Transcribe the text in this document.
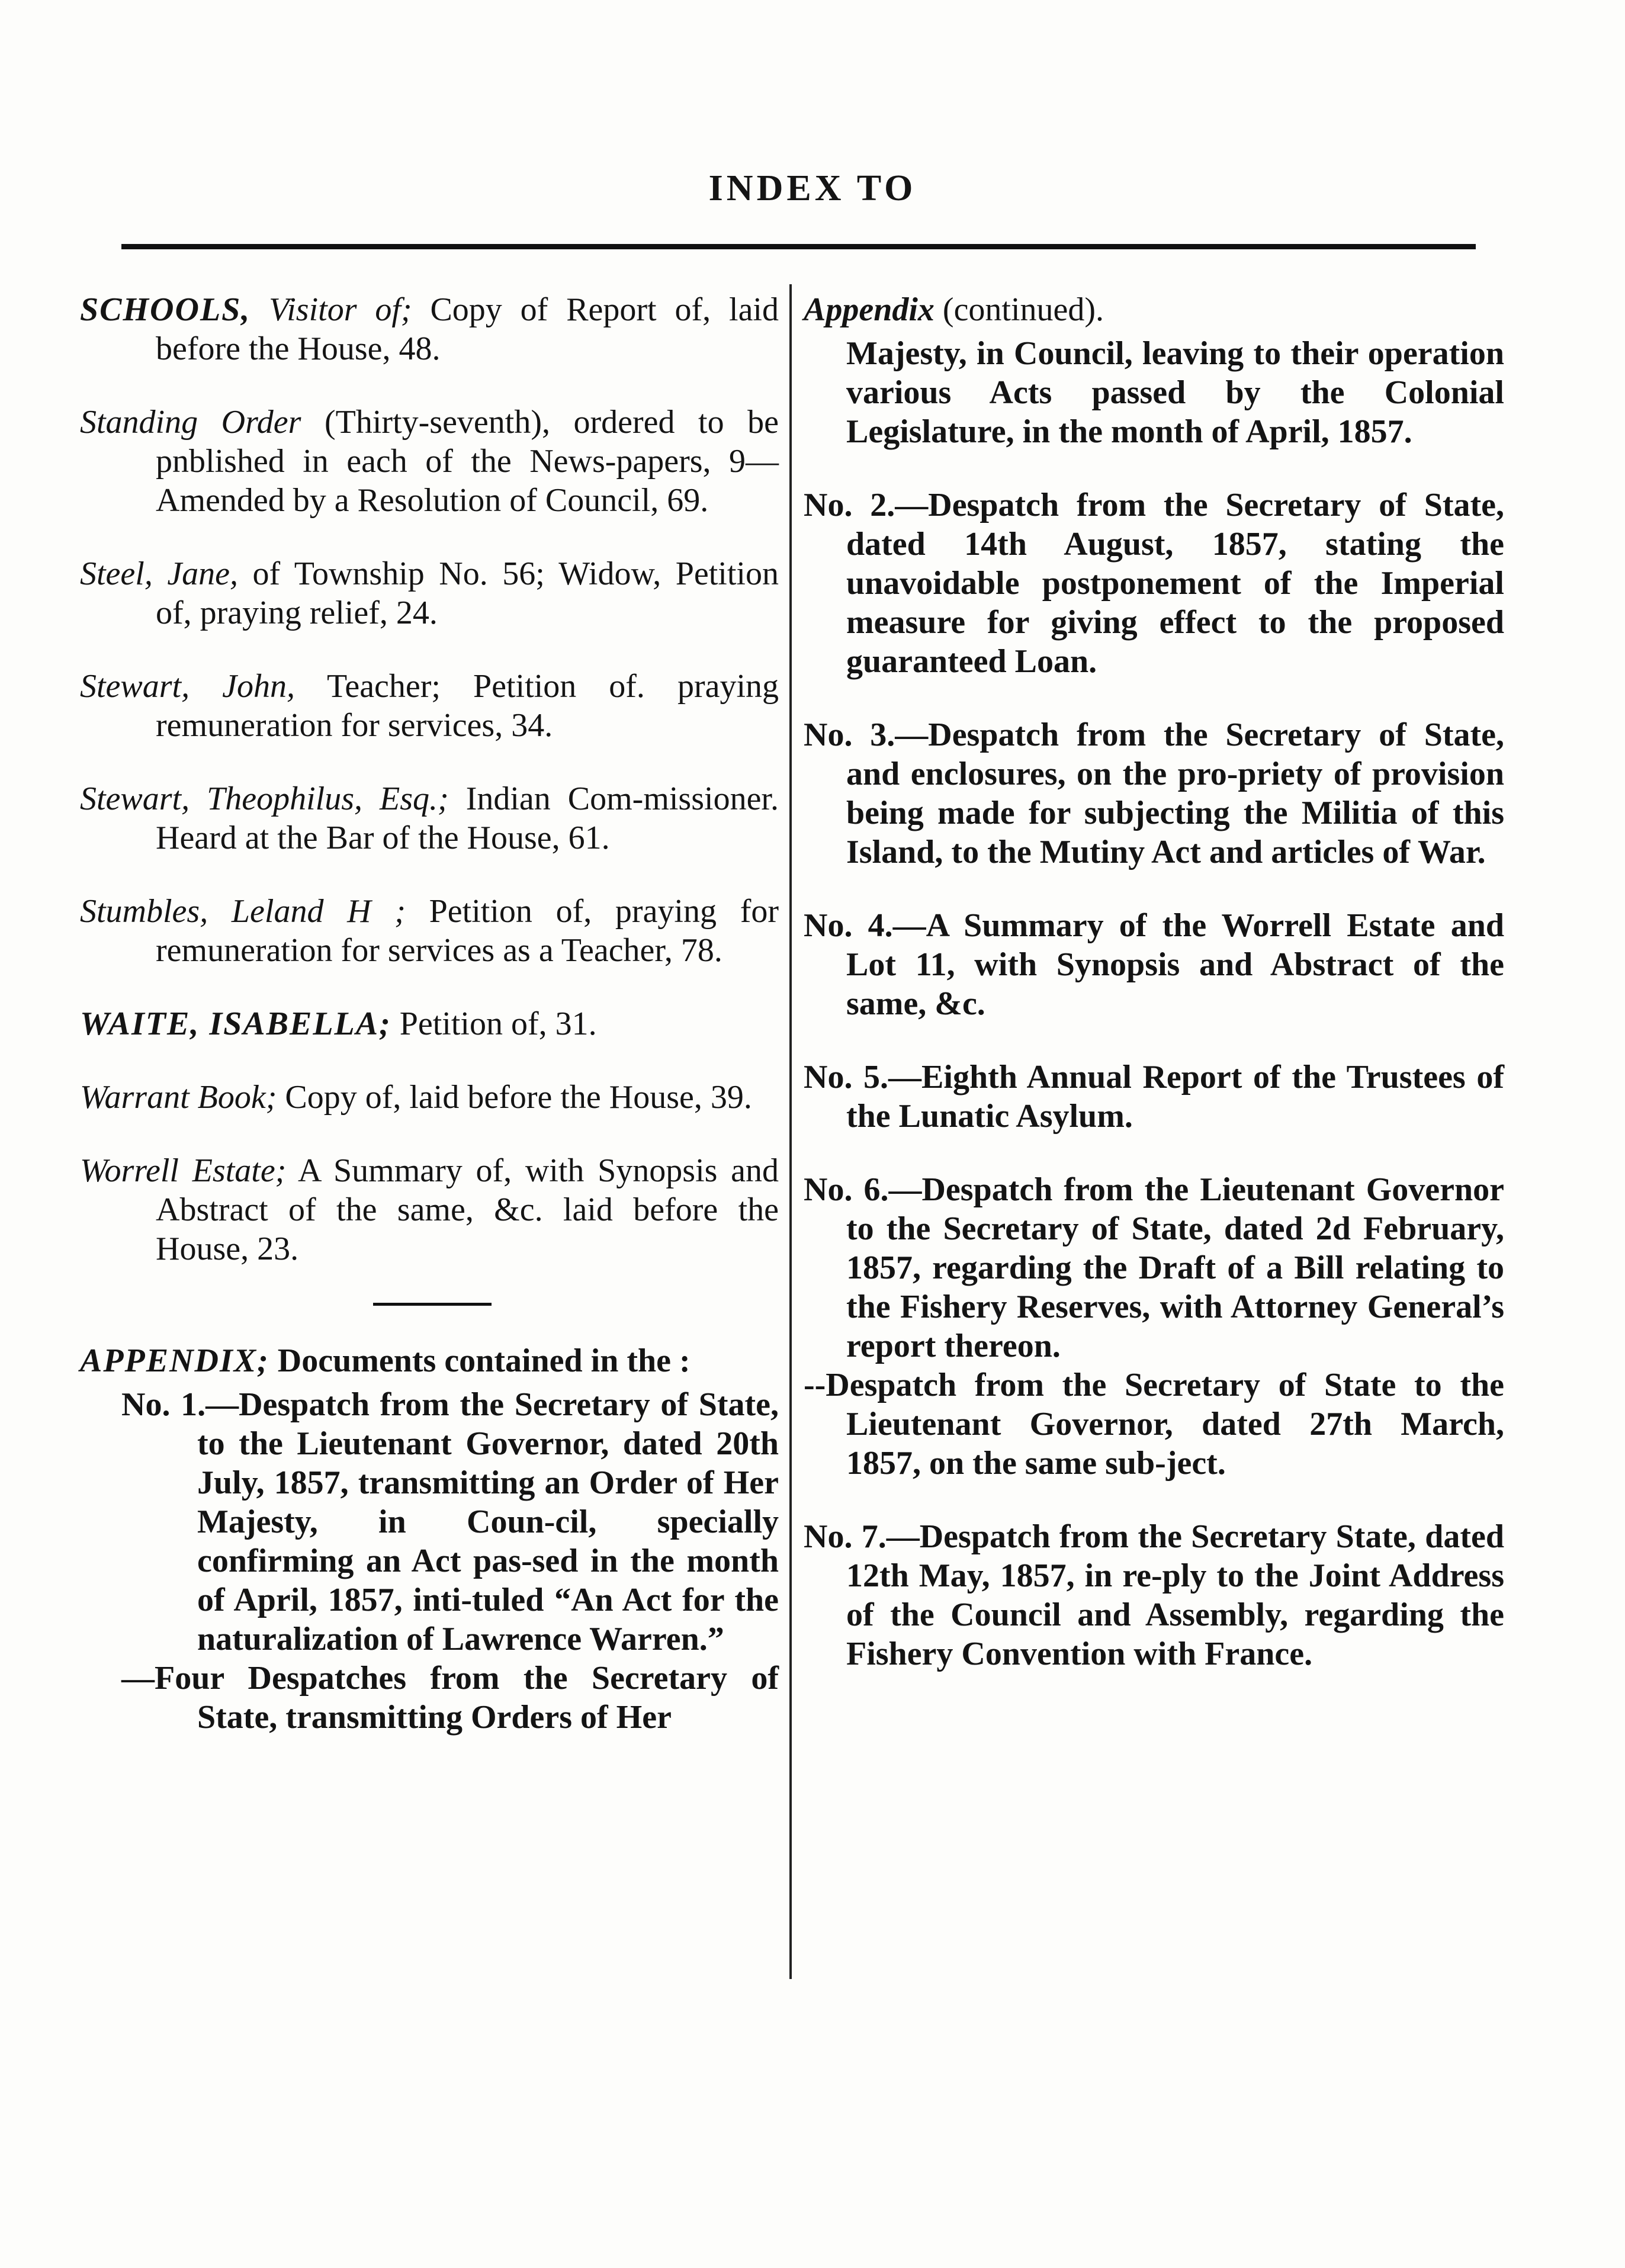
INDEX TO
SCHOOLS, Visitor of; Copy of Report of, laid before the House, 48.
Standing Order (Thirty-seventh), ordered to be pnblished in each of the News-papers, 9—Amended by a Resolution of Council, 69.
Steel, Jane, of Township No. 56; Widow, Petition of, praying relief, 24.
Stewart, John, Teacher; Petition of. praying remuneration for services, 34.
Stewart, Theophilus, Esq.; Indian Com-missioner. Heard at the Bar of the House, 61.
Stumbles, Leland H ; Petition of, praying for remuneration for services as a Teacher, 78.
WAITE, ISABELLA; Petition of, 31.
Warrant Book; Copy of, laid before the House, 39.
Worrell Estate; A Summary of, with Synopsis and Abstract of the same, &c. laid before the House, 23.
APPENDIX; Documents contained in the :
No. 1.—Despatch from the Secretary of State, to the Lieutenant Governor, dated 20th July, 1857, transmitting an Order of Her Majesty, in Coun-cil, specially confirming an Act pas-sed in the month of April, 1857, inti-tuled “An Act for the naturalization of Lawrence Warren.”
—Four Despatches from the Secretary of State, transmitting Orders of Her
Appendix (continued).
Majesty, in Council, leaving to their operation various Acts passed by the Colonial Legislature, in the month of April, 1857.
No. 2.—Despatch from the Secretary of State, dated 14th August, 1857, stating the unavoidable postponement of the Imperial measure for giving effect to the proposed guaranteed Loan.
No. 3.—Despatch from the Secretary of State, and enclosures, on the pro-priety of provision being made for subjecting the Militia of this Island, to the Mutiny Act and articles of War.
No. 4.—A Summary of the Worrell Estate and Lot 11, with Synopsis and Abstract of the same, &c.
No. 5.—Eighth Annual Report of the Trustees of the Lunatic Asylum.
No. 6.—Despatch from the Lieutenant Governor to the Secretary of State, dated 2d February, 1857, regarding the Draft of a Bill relating to the Fishery Reserves, with Attorney General’s report thereon.
--Despatch from the Secretary of State to the Lieutenant Governor, dated 27th March, 1857, on the same sub-ject.
No. 7.—Despatch from the Secretary State, dated 12th May, 1857, in re-ply to the Joint Address of the Council and Assembly, regarding the Fishery Convention with France.
